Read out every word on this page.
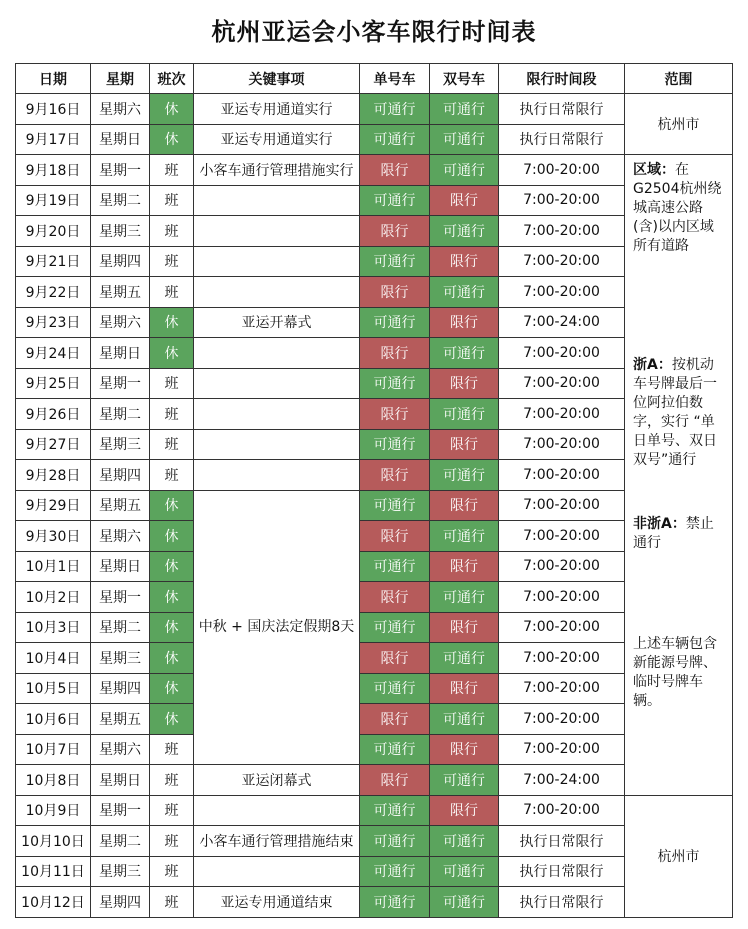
杭州亚运会小客车限行时间表
日期	星期	班次	关键事项	单号车	双号车	限行时间段	范围
9月16日	星期六	休	亚运专用通道实行	可通行	可通行	执行日常限行	杭州市
9月17日	星期日	休	亚运专用通道实行	可通行	可通行	执行日常限行	
9月18日	星期一	班	小客车通行管理措施实行	限行	可通行	7:00-20:00	区域：在G2504杭州绕城高速公路(含)以内区域所有道路
浙A：按机动车号牌最后一位阿拉伯数字，实行 “单日单号、双日双号”通行
非浙A：禁止通行
上述车辆包含新能源号牌、临时号牌车辆。

9月19日	星期二	班		可通行	限行	7:00-20:00	
9月20日	星期三	班		限行	可通行	7:00-20:00	
9月21日	星期四	班		可通行	限行	7:00-20:00	
9月22日	星期五	班		限行	可通行	7:00-20:00	
9月23日	星期六	休	亚运开幕式	可通行	限行	7:00-24:00	
9月24日	星期日	休		限行	可通行	7:00-20:00	
9月25日	星期一	班		可通行	限行	7:00-20:00	
9月26日	星期二	班		限行	可通行	7:00-20:00	
9月27日	星期三	班		可通行	限行	7:00-20:00	
9月28日	星期四	班		限行	可通行	7:00-20:00	
9月29日	星期五	休	中秋 + 国庆法定假期8天	可通行	限行	7:00-20:00	
9月30日	星期六	休		限行	可通行	7:00-20:00	
10月1日	星期日	休		可通行	限行	7:00-20:00	
10月2日	星期一	休		限行	可通行	7:00-20:00	
10月3日	星期二	休		可通行	限行	7:00-20:00	
10月4日	星期三	休		限行	可通行	7:00-20:00	
10月5日	星期四	休		可通行	限行	7:00-20:00	
10月6日	星期五	休		限行	可通行	7:00-20:00	
10月7日	星期六	班		可通行	限行	7:00-20:00	
10月8日	星期日	班	亚运闭幕式	限行	可通行	7:00-24:00	
10月9日	星期一	班		可通行	限行	7:00-20:00	杭州市
10月10日	星期二	班	小客车通行管理措施结束	可通行	可通行	执行日常限行	
10月11日	星期三	班		可通行	可通行	执行日常限行	
10月12日	星期四	班	亚运专用通道结束	可通行	可通行	执行日常限行	
